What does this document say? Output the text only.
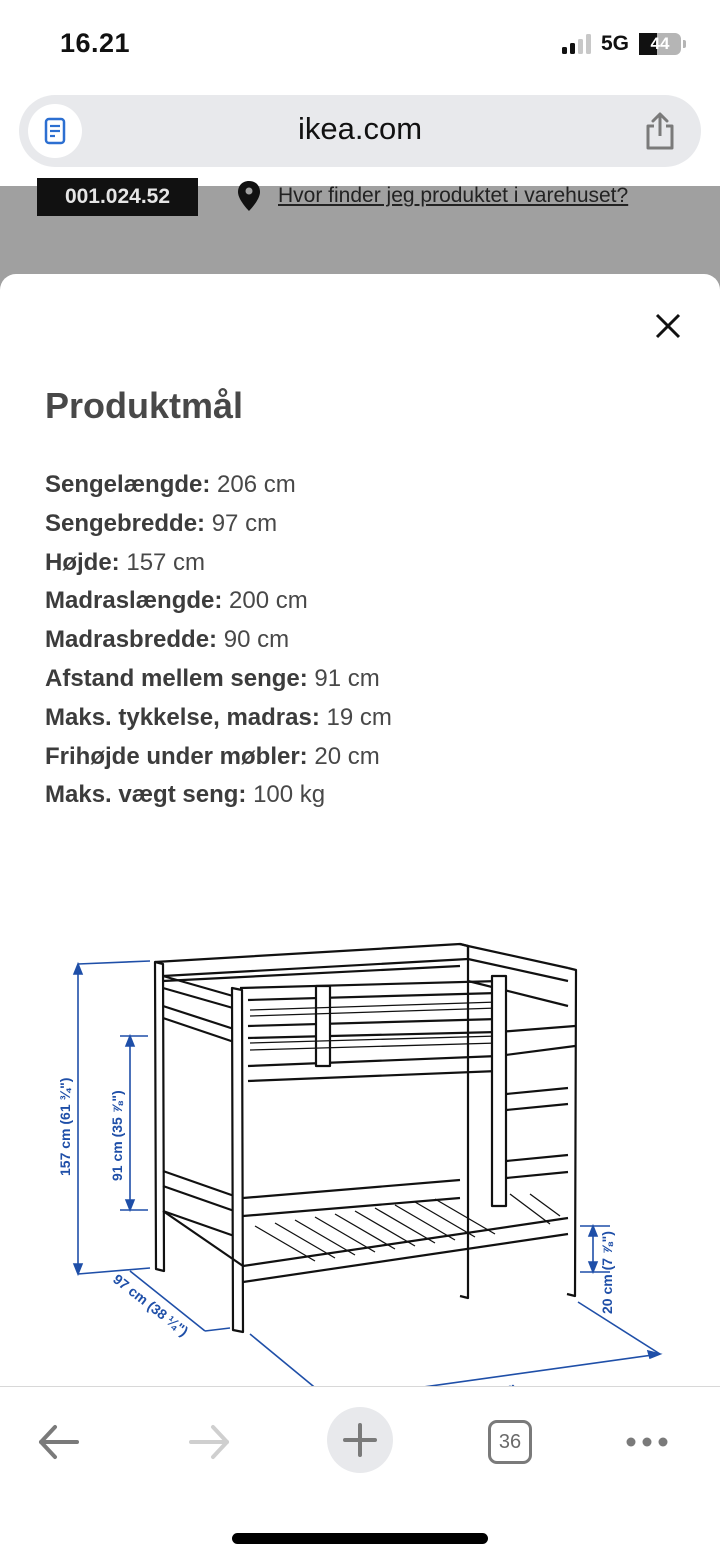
16.21	5G 44
ikea.com
001.024.52	Hvor finder jeg produktet i varehuset?
Produktmål
Sengelængde: 206 cm
Sengebredde: 97 cm
Højde: 157 cm
Madraslængde: 200 cm
Madrasbredde: 90 cm
Afstand mellem senge: 91 cm
Maks. tykkelse, madras: 19 cm
Frihøjde under møbler: 20 cm
Maks. vægt seng: 100 kg
157 cm (61 ¾")	91 cm (35 ⅞")
97 cm (38 ¼")	20 cm (7 ⅞")
36
